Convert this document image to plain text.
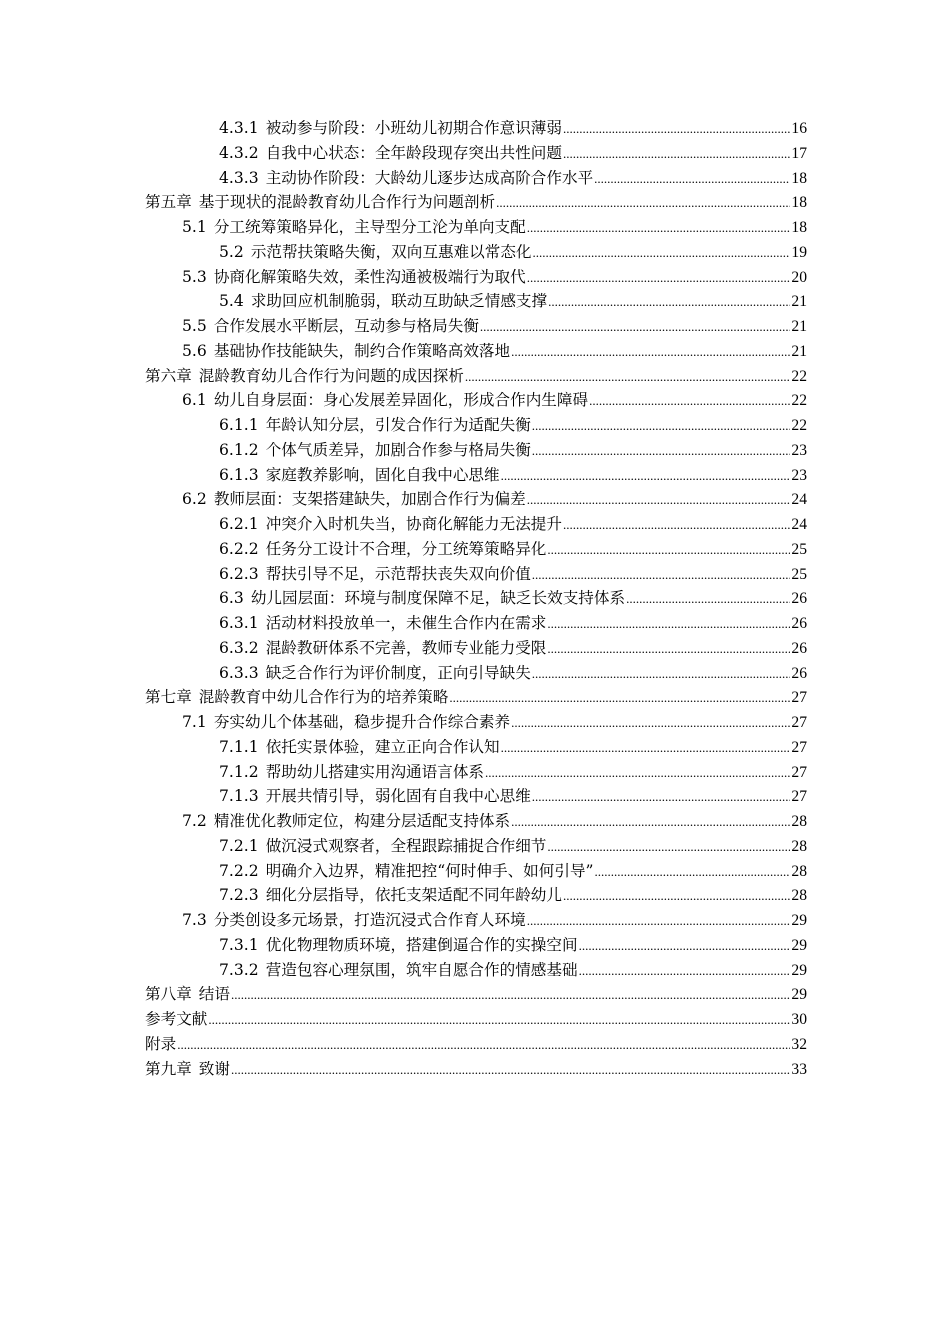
4.3.1 被动参与阶段：小班幼儿初期合作意识薄弱 .....	16
4.3.2 自我中心状态：全年龄段现存突出共性问题 .....	17
4.3.3 主动协作阶段：大龄幼儿逐步达成高阶合作水平 .....	18
第五章 基于现状的混龄教育幼儿合作行为问题剖析 .....	18
5.1 分工统筹策略异化，主导型分工沦为单向支配 .....	18
5.2 示范帮扶策略失衡，双向互惠难以常态化 .....	19
5.3 协商化解策略失效，柔性沟通被极端行为取代 .....	20
5.4 求助回应机制脆弱，联动互助缺乏情感支撑 .....	21
5.5 合作发展水平断层，互动参与格局失衡 .....	21
5.6 基础协作技能缺失，制约合作策略高效落地 .....	21
第六章 混龄教育幼儿合作行为问题的成因探析 .....	22
6.1 幼儿自身层面：身心发展差异固化，形成合作内生障碍 .....	22
6.1.1 年龄认知分层，引发合作行为适配失衡 .....	22
6.1.2 个体气质差异，加剧合作参与格局失衡 .....	23
6.1.3 家庭教养影响，固化自我中心思维 .....	23
6.2 教师层面：支架搭建缺失，加剧合作行为偏差 .....	24
6.2.1 冲突介入时机失当，协商化解能力无法提升 .....	24
6.2.2 任务分工设计不合理，分工统筹策略异化 .....	25
6.2.3 帮扶引导不足，示范帮扶丧失双向价值 .....	25
6.3 幼儿园层面：环境与制度保障不足，缺乏长效支持体系 .....	26
6.3.1 活动材料投放单一，未催生合作内在需求 .....	26
6.3.2 混龄教研体系不完善，教师专业能力受限 .....	26
6.3.3 缺乏合作行为评价制度，正向引导缺失 .....	26
第七章 混龄教育中幼儿合作行为的培养策略 .....	27
7.1 夯实幼儿个体基础，稳步提升合作综合素养 .....	27
7.1.1 依托实景体验，建立正向合作认知 .....	27
7.1.2 帮助幼儿搭建实用沟通语言体系 .....	27
7.1.3 开展共情引导，弱化固有自我中心思维 .....	27
7.2 精准优化教师定位，构建分层适配支持体系 .....	28
7.2.1 做沉浸式观察者，全程跟踪捕捉合作细节 .....	28
7.2.2 明确介入边界，精准把控“何时伸手、如何引导” .....	28
7.2.3 细化分层指导，依托支架适配不同年龄幼儿 .....	28
7.3 分类创设多元场景，打造沉浸式合作育人环境 .....	29
7.3.1 优化物理物质环境，搭建倒逼合作的实操空间 .....	29
7.3.2 营造包容心理氛围，筑牢自愿合作的情感基础 .....	29
第八章 结语 .....	29
参考文献 .....	30
附录 .....	32
第九章 致谢 .....	33
